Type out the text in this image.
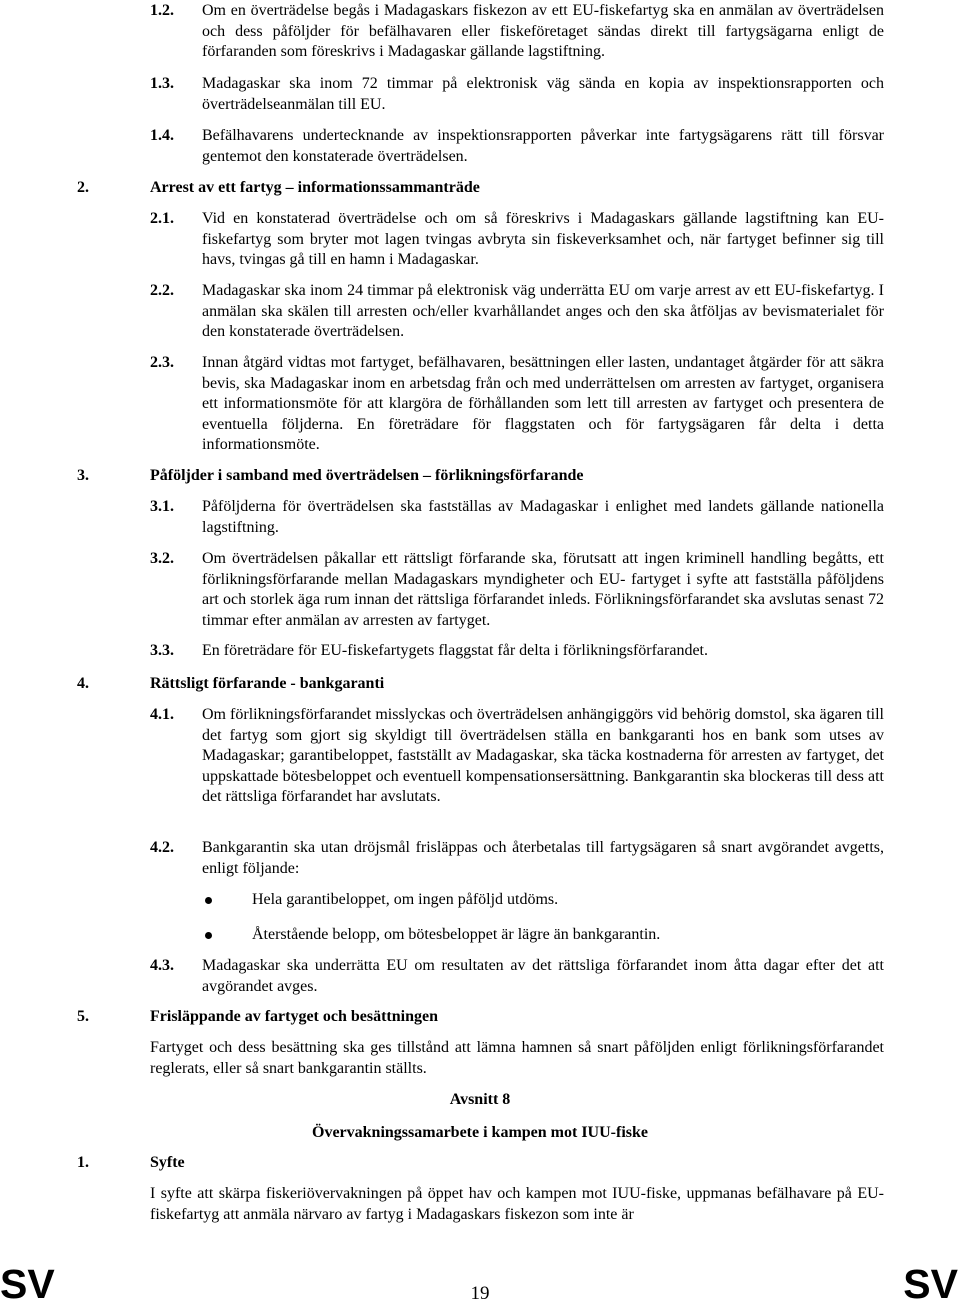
1.2. Om en överträdelse begås i Madagaskars fiskezon av ett EU-fiskefartyg ska en anmälan av överträdelsen och dess påföljder för befälhavaren eller fiskeföretaget sändas direkt till fartygsägarna enligt de förfaranden som föreskrivs i Madagaskar gällande lagstiftning.

1.3. Madagaskar ska inom 72 timmar på elektronisk väg sända en kopia av inspektionsrapporten och överträdelseanmälan till EU.

1.4. Befälhavarens undertecknande av inspektionsrapporten påverkar inte fartygsägarens rätt till försvar gentemot den konstaterade överträdelsen.

2.	Arrest av ett fartyg – informationssammanträde
2.1. Vid en konstaterad överträdelse och om så föreskrivs i Madagaskars gällande lagstiftning kan EU-fiskefartyg som bryter mot lagen tvingas avbryta sin fiskeverksamhet och, när fartyget befinner sig till havs, tvingas gå till en hamn i Madagaskar.

2.2. Madagaskar ska inom 24 timmar på elektronisk väg underrätta EU om varje arrest av ett EU-fiskefartyg. I anmälan ska skälen till arresten och/eller kvarhållandet anges och den ska åtföljas av bevismaterialet för den konstaterade överträdelsen.

2.3. Innan åtgärd vidtas mot fartyget, befälhavaren, besättningen eller lasten, undantaget åtgärder för att säkra bevis, ska Madagaskar inom en arbetsdag från och med underrättelsen om arresten av fartyget, organisera ett informationsmöte för att klargöra de förhållanden som lett till arresten av fartyget och presentera de eventuella följderna. En företrädare för flaggstaten och för fartygsägaren får delta i detta informationsmöte.

3.	Påföljder i samband med överträdelsen – förlikningsförfarande
3.1. Påföljderna för överträdelsen ska fastställas av Madagaskar i enlighet med landets gällande nationella lagstiftning.

3.2. Om överträdelsen påkallar ett rättsligt förfarande ska, förutsatt att ingen kriminell handling begåtts, ett förlikningsförfarande mellan Madagaskars myndigheter och EU- fartyget i syfte att fastställa påföljdens art och storlek äga rum innan det rättsliga förfarandet inleds. Förlikningsförfarandet ska avslutas senast 72 timmar efter anmälan av arresten av fartyget.

3.3. En företrädare för EU-fiskefartygets flaggstat får delta i förlikningsförfarandet.

4.	Rättsligt förfarande - bankgaranti
4.1. Om förlikningsförfarandet misslyckas och överträdelsen anhängiggörs vid behörig domstol, ska ägaren till det fartyg som gjort sig skyldigt till överträdelsen ställa en bankgaranti hos en bank som utses av Madagaskar; garantibeloppet, fastställt av Madagaskar, ska täcka kostnaderna för arresten av fartyget, det uppskattade bötesbeloppet och eventuell kompensationsersättning. Bankgarantin ska blockeras till dess att det rättsliga förfarandet har avslutats.

4.2. Bankgarantin ska utan dröjsmål frisläppas och återbetalas till fartygsägaren så snart avgörandet avgetts, enligt följande:

Hela garantibeloppet, om ingen påföljd utdöms.
Återstående belopp, om bötesbeloppet är lägre än bankgarantin.
4.3. Madagaskar ska underrätta EU om resultaten av det rättsliga förfarandet inom åtta dagar efter det att avgörandet avges.

5.	Frisläppande av fartyget och besättningen

Fartyget och dess besättning ska ges tillstånd att lämna hamnen så snart påföljden enligt förlikningsförfarandet reglerats, eller så snart bankgarantin ställts.

Avsnitt 8
Övervakningssamarbete i kampen mot IUU-fiske
1.	Syfte

I syfte att skärpa fiskeriövervakningen på öppet hav och kampen mot IUU-fiske, uppmanas befälhavare på EU-fiskefartyg att anmäla närvaro av fartyg i Madagaskars fiskezon som inte är

SV	19	SV
